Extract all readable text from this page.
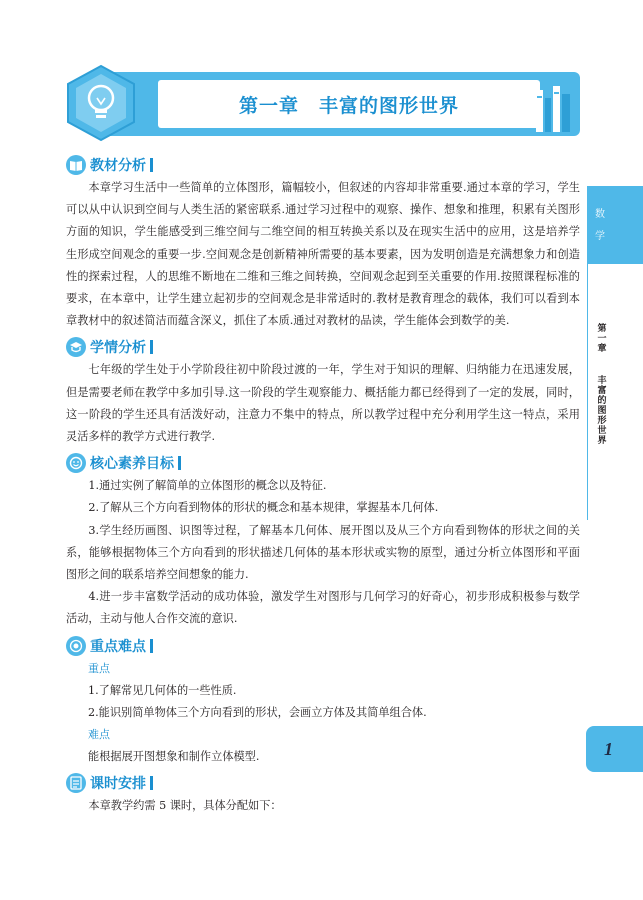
第一章　丰富的图形世界
数
学
第一章
丰富的图形世界
1
教材分析

本章学习生活中一些简单的立体图形，篇幅较小，但叙述的内容却非常重要.通过本章的学习，学生可以从中认识到空间与人类生活的紧密联系.通过学习过程中的观察、操作、想象和推理，积累有关图形方面的知识，学生能感受到三维空间与二维空间的相互转换关系以及在现实生活中的应用，这是培养学生形成空间观念的重要一步.空间观念是创新精神所需要的基本要素，因为发明创造是充满想象力和创造性的探索过程，人的思维不断地在二维和三维之间转换，空间观念起到至关重要的作用.按照课程标准的要求，在本章中，让学生建立起初步的空间观念是非常适时的.教材是教育理念的载体，我们可以看到本章教材中的叙述简洁而蕴含深义，抓住了本质.通过对教材的品读，学生能体会到数学的美.

学情分析

七年级的学生处于小学阶段往初中阶段过渡的一年，学生对于知识的理解、归纳能力在迅速发展，但是需要老师在教学中多加引导.这一阶段的学生观察能力、概括能力都已经得到了一定的发展，同时，这一阶段的学生还具有活泼好动，注意力不集中的特点，所以教学过程中充分利用学生这一特点，采用灵活多样的教学方式进行教学.

核心素养目标

1.通过实例了解简单的立体图形的概念以及特征.

2.了解从三个方向看到物体的形状的概念和基本规律，掌握基本几何体.

3.学生经历画图、识图等过程，了解基本几何体、展开图以及从三个方向看到物体的形状之间的关系，能够根据物体三个方向看到的形状描述几何体的基本形状或实物的原型，通过分析立体图形和平面图形之间的联系培养空间想象的能力.

4.进一步丰富数学活动的成功体验，激发学生对图形与几何学习的好奇心，初步形成积极参与数学活动，主动与他人合作交流的意识.

重点难点
重点
1.了解常见几何体的一些性质.
2.能识别简单物体三个方向看到的形状，会画立方体及其简单组合体.
难点
能根据展开图想象和制作立体模型.
课时安排

本章教学约需 5 课时，具体分配如下：
